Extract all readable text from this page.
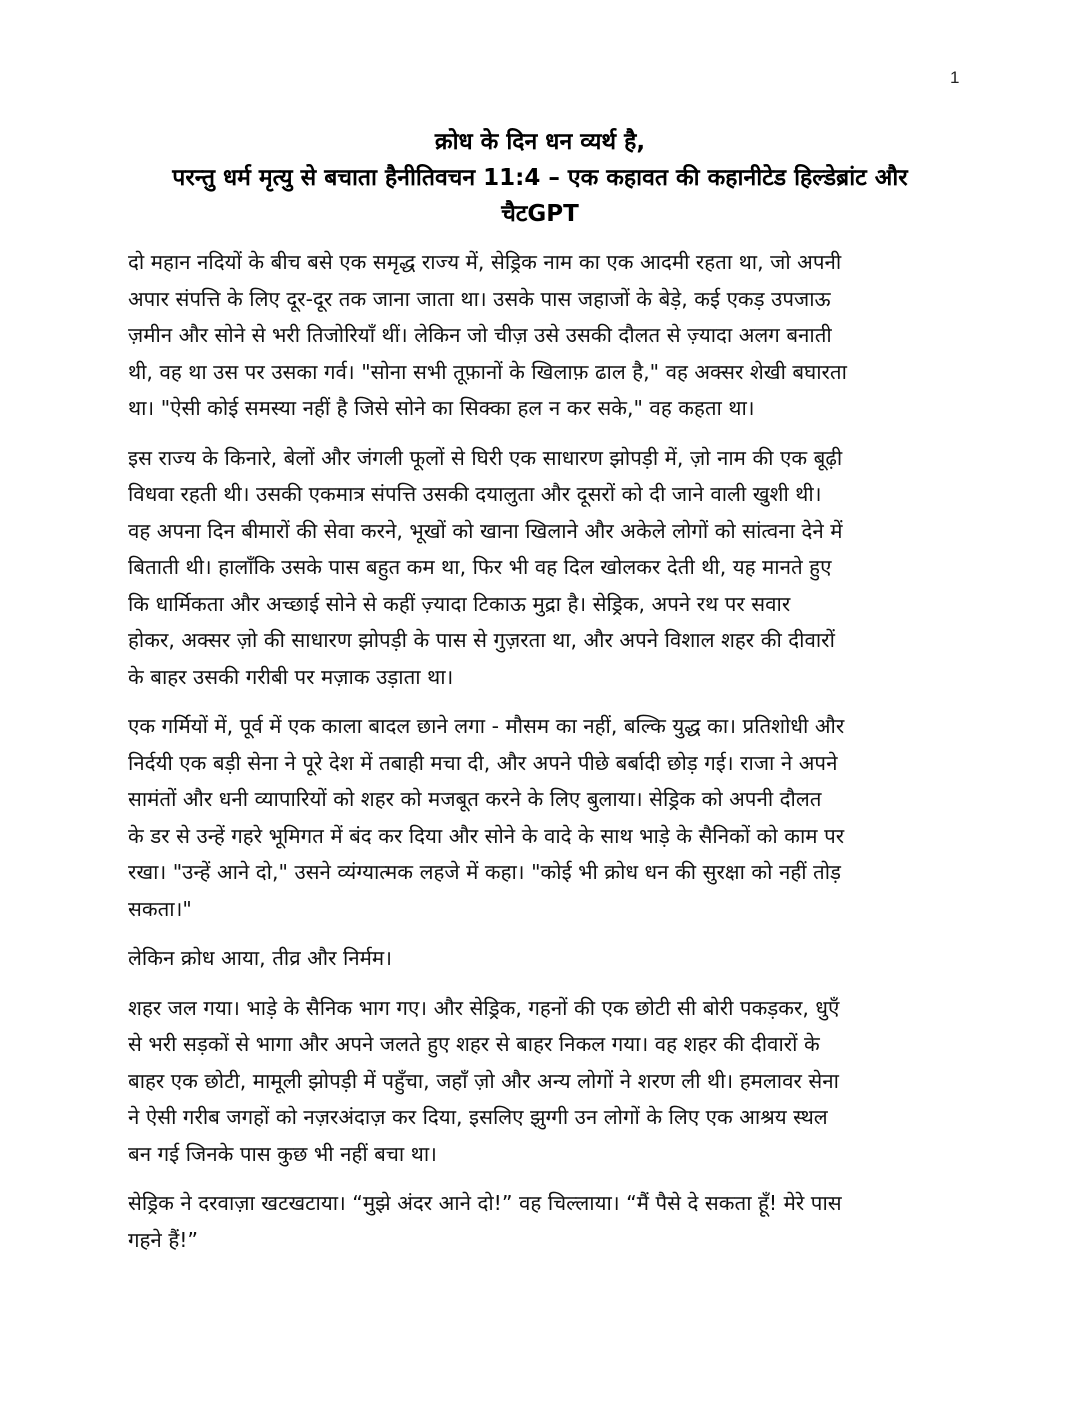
1
क्रोध के दिन धन व्यर्थ है,
परन्तु धर्म मृत्यु से बचाता हैनीतिवचन 11:4 – एक कहावत की कहानीटेड हिल्डेब्रांट और
चैटGPT

दो महान नदियों के बीच बसे एक समृद्ध राज्य में, सेड्रिक नाम का एक आदमी रहता था, जो अपनी
अपार संपत्ति के लिए दूर-दूर तक जाना जाता था। उसके पास जहाजों के बेड़े, कई एकड़ उपजाऊ
ज़मीन और सोने से भरी तिजोरियाँ थीं। लेकिन जो चीज़ उसे उसकी दौलत से ज़्यादा अलग बनाती
थी, वह था उस पर उसका गर्व। "सोना सभी तूफ़ानों के खिलाफ़ ढाल है," वह अक्सर शेखी बघारता
था। "ऐसी कोई समस्या नहीं है जिसे सोने का सिक्का हल न कर सके," वह कहता था।

इस राज्य के किनारे, बेलों और जंगली फूलों से घिरी एक साधारण झोपड़ी में, ज़ो नाम की एक बूढ़ी
विधवा रहती थी। उसकी एकमात्र संपत्ति उसकी दयालुता और दूसरों को दी जाने वाली खुशी थी।
वह अपना दिन बीमारों की सेवा करने, भूखों को खाना खिलाने और अकेले लोगों को सांत्वना देने में
बिताती थी। हालाँकि उसके पास बहुत कम था, फिर भी वह दिल खोलकर देती थी, यह मानते हुए
कि धार्मिकता और अच्छाई सोने से कहीं ज़्यादा टिकाऊ मुद्रा है। सेड्रिक, अपने रथ पर सवार
होकर, अक्सर ज़ो की साधारण झोपड़ी के पास से गुज़रता था, और अपने विशाल शहर की दीवारों
के बाहर उसकी गरीबी पर मज़ाक उड़ाता था।

एक गर्मियों में, पूर्व में एक काला बादल छाने लगा - मौसम का नहीं, बल्कि युद्ध का। प्रतिशोधी और
निर्दयी एक बड़ी सेना ने पूरे देश में तबाही मचा दी, और अपने पीछे बर्बादी छोड़ गई। राजा ने अपने
सामंतों और धनी व्यापारियों को शहर को मजबूत करने के लिए बुलाया। सेड्रिक को अपनी दौलत
के डर से उन्हें गहरे भूमिगत में बंद कर दिया और सोने के वादे के साथ भाड़े के सैनिकों को काम पर
रखा। "उन्हें आने दो," उसने व्यंग्यात्मक लहजे में कहा। "कोई भी क्रोध धन की सुरक्षा को नहीं तोड़
सकता।"

लेकिन क्रोध आया, तीव्र और निर्मम।

शहर जल गया। भाड़े के सैनिक भाग गए। और सेड्रिक, गहनों की एक छोटी सी बोरी पकड़कर, धुएँ
से भरी सड़कों से भागा और अपने जलते हुए शहर से बाहर निकल गया। वह शहर की दीवारों के
बाहर एक छोटी, मामूली झोपड़ी में पहुँचा, जहाँ ज़ो और अन्य लोगों ने शरण ली थी। हमलावर सेना
ने ऐसी गरीब जगहों को नज़रअंदाज़ कर दिया, इसलिए झुग्गी उन लोगों के लिए एक आश्रय स्थल
बन गई जिनके पास कुछ भी नहीं बचा था।

सेड्रिक ने दरवाज़ा खटखटाया। “मुझे अंदर आने दो!” वह चिल्लाया। “मैं पैसे दे सकता हूँ! मेरे पास
गहने हैं!”
